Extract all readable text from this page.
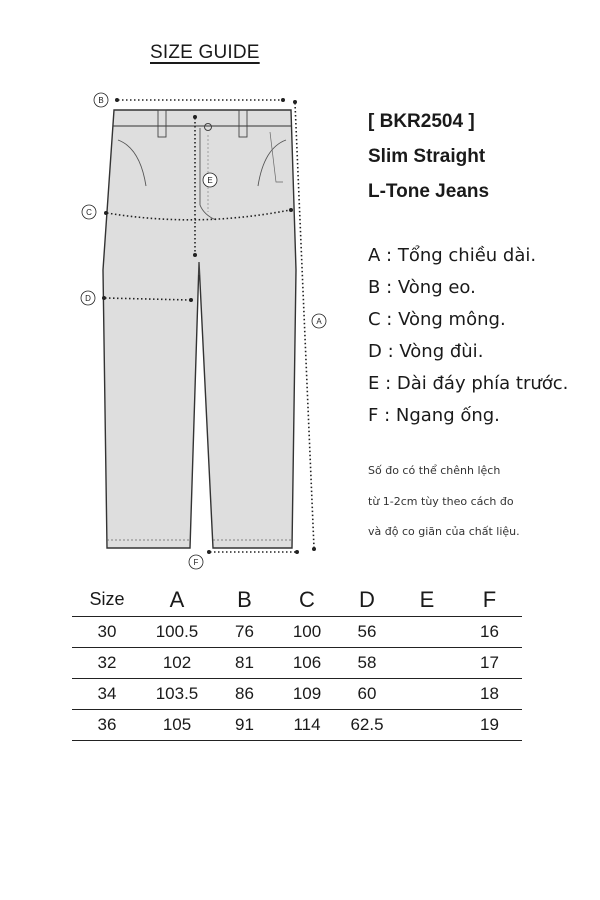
SIZE GUIDE
B
E
C
D
A
F
[ BKR2504 ]
Slim Straight
L-Tone Jeans
A : Tổng chiều dài.
B : Vòng eo.
C : Vòng mông.
D : Vòng đùi.
E : Dài đáy phía trước.
F : Ngang ống.
Số đo có thể chênh lệch
từ 1-2cm tùy theo cách đo
và độ co giãn của chất liệu.
Size	A	B	C	D	E	F
30	100.5	76	100	56		16
32	102	81	106	58		17
34	103.5	86	109	60		18
36	105	91	114	62.5		19
